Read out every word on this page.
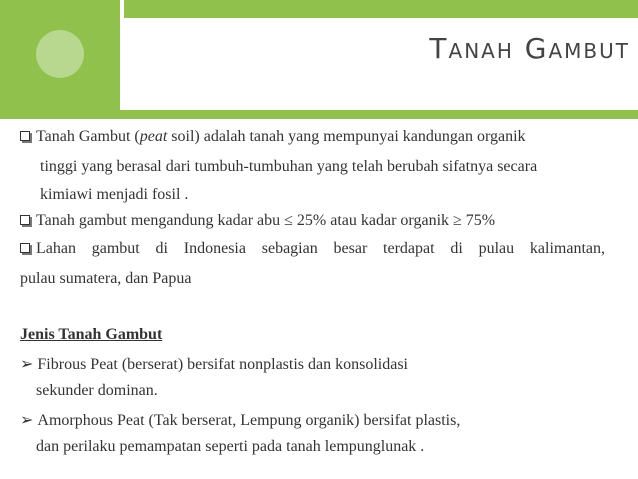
Tanah Gambut
Tanah Gambut (peat soil) adalah tanah yang mempunyai kandungan organik
tinggi yang berasal dari tumbuh-tumbuhan yang telah berubah sifatnya secara
kimiawi menjadi fosil .
Tanah gambut mengandung kadar abu ≤ 25% atau kadar organik ≥ 75%
Lahan gambut di Indonesia sebagian besar terdapat di pulau kalimantan,
pulau sumatera, dan Papua
Jenis Tanah Gambut
➢ Fibrous Peat (berserat) bersifat nonplastis dan konsolidasi
sekunder dominan.
➢ Amorphous Peat (Tak berserat, Lempung organik) bersifat plastis,
dan perilaku pemampatan seperti pada tanah lempunglunak .
